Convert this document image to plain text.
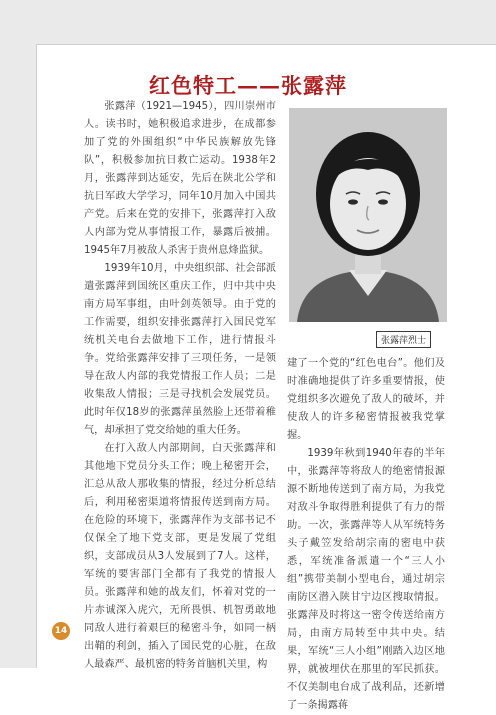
红色特工——张露萍

张露萍（1921—1945），四川崇州市人。读书时，她积极追求进步，在成都参加了党的外围组织“中华民族解放先锋队”，积极参加抗日救亡运动。1938年2月，张露萍到达延安，先后在陕北公学和抗日军政大学学习，同年10月加入中国共产党。后来在党的安排下，张露萍打入敌人内部为党从事情报工作，暴露后被捕。1945年7月被敌人杀害于贵州息烽监狱。

1939年10月，中央组织部、社会部派遣张露萍到国统区重庆工作，归中共中央南方局军事组，由叶剑英领导。由于党的工作需要，组织安排张露萍打入国民党军统机关电台去做地下工作，进行情报斗争。党给张露萍安排了三项任务，一是领导在敌人内部的我党情报工作人员；二是收集敌人情报；三是寻找机会发展党员。此时年仅18岁的张露萍虽然脸上还带着稚气，却承担了党交给她的重大任务。

在打入敌人内部期间，白天张露萍和其他地下党员分头工作；晚上秘密开会，汇总从敌人那收集的情报，经过分析总结后，利用秘密渠道将情报传送到南方局。在危险的环境下，张露萍作为支部书记不仅保全了地下党支部，更是发展了党组织，支部成员从3人发展到了7人。这样，军统的要害部门全都有了我党的情报人员。张露萍和她的战友们，怀着对党的一片赤诚深入虎穴，无所畏惧、机智勇敢地同敌人进行着艰巨的秘密斗争，如同一柄出鞘的利剑，插入了国民党的心脏，在敌人最森严、最机密的特务首脑机关里，构

张露萍烈士

建了一个党的“红色电台”。他们及时准确地提供了许多重要情报，使党组织多次避免了敌人的破坏，并使敌人的许多秘密情报被我党掌握。

1939年秋到1940年春的半年中，张露萍等将敌人的绝密情报源源不断地传送到了南方局，为我党对敌斗争取得胜利提供了有力的帮助。一次，张露萍等人从军统特务头子戴笠发给胡宗南的密电中获悉，军统准备派遣一个“三人小组”携带美制小型电台，通过胡宗南防区潜入陕甘宁边区搜取情报。张露萍及时将这一密令传送给南方局，由南方局转至中共中央。结果，军统“三人小组”刚踏入边区地界，就被埋伏在那里的军民抓获。不仅美制电台成了战利品，还新增了一条揭露蒋

14
